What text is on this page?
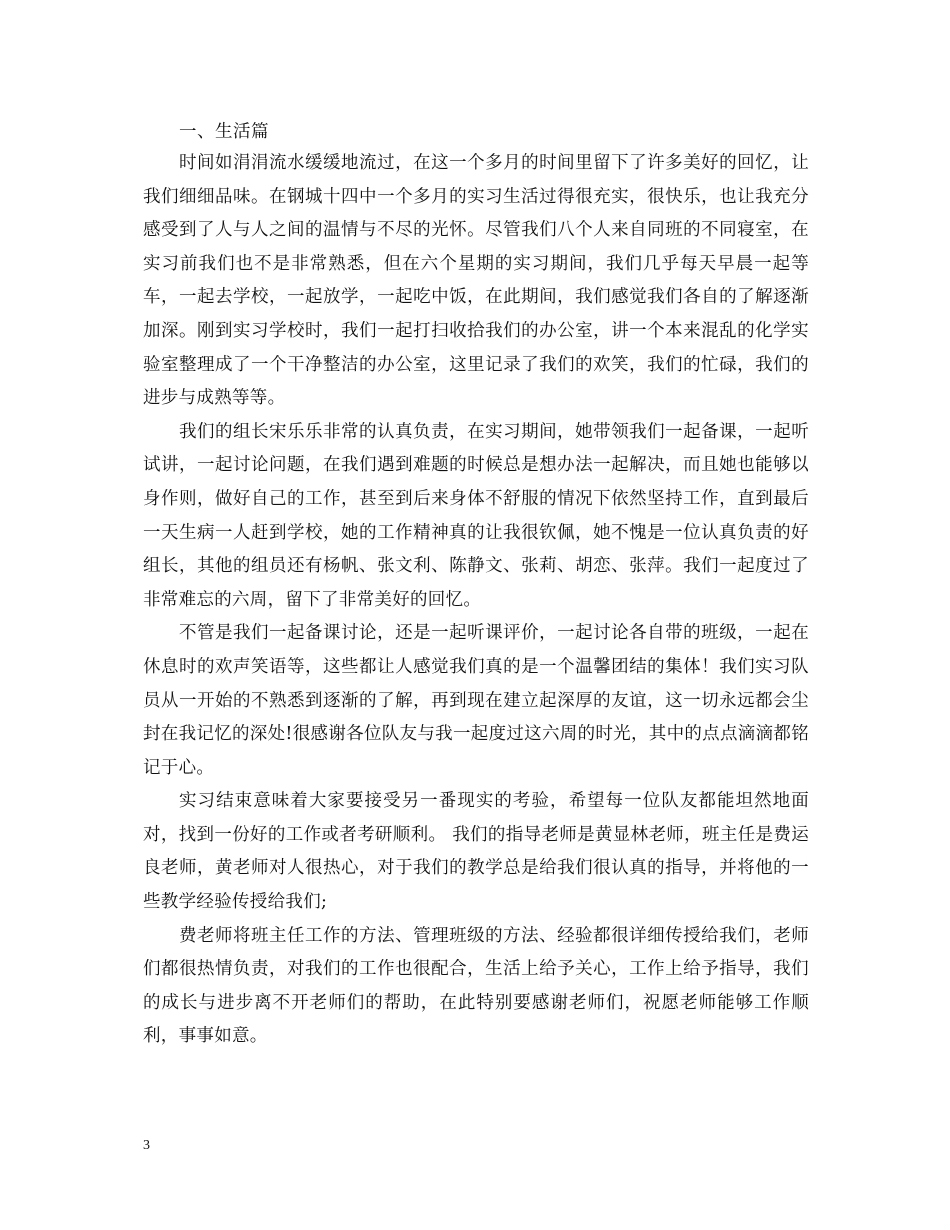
一、生活篇

时间如涓涓流水缓缓地流过，在这一个多月的时间里留下了许多美好的回忆，让我们细细品味。在钢城十四中一个多月的实习生活过得很充实，很快乐，也让我充分感受到了人与人之间的温情与不尽的光怀。尽管我们八个人来自同班的不同寝室，在实习前我们也不是非常熟悉，但在六个星期的实习期间，我们几乎每天早晨一起等车，一起去学校，一起放学，一起吃中饭，在此期间，我们感觉我们各自的了解逐渐加深。刚到实习学校时，我们一起打扫收拾我们的办公室，讲一个本来混乱的化学实验室整理成了一个干净整洁的办公室，这里记录了我们的欢笑，我们的忙碌，我们的进步与成熟等等。

我们的组长宋乐乐非常的认真负责，在实习期间，她带领我们一起备课，一起听试讲，一起讨论问题，在我们遇到难题的时候总是想办法一起解决，而且她也能够以身作则，做好自己的工作，甚至到后来身体不舒服的情况下依然坚持工作，直到最后一天生病一人赶到学校，她的工作精神真的让我很钦佩，她不愧是一位认真负责的好组长，其他的组员还有杨帆、张文利、陈静文、张莉、胡恋、张萍。我们一起度过了非常难忘的六周，留下了非常美好的回忆。

不管是我们一起备课讨论，还是一起听课评价，一起讨论各自带的班级，一起在休息时的欢声笑语等，这些都让人感觉我们真的是一个温馨团结的集体！我们实习队员从一开始的不熟悉到逐渐的了解，再到现在建立起深厚的友谊，这一切永远都会尘封在我记忆的深处!很感谢各位队友与我一起度过这六周的时光，其中的点点滴滴都铭记于心。

实习结束意味着大家要接受另一番现实的考验，希望每一位队友都能坦然地面对，找到一份好的工作或者考研顺利。 我们的指导老师是黄显林老师，班主任是费运良老师，黄老师对人很热心，对于我们的教学总是给我们很认真的指导，并将他的一些教学经验传授给我们;

费老师将班主任工作的方法、管理班级的方法、经验都很详细传授给我们，老师们都很热情负责，对我们的工作也很配合，生活上给予关心，工作上给予指导，我们的成长与进步离不开老师们的帮助，在此特别要感谢老师们，祝愿老师能够工作顺利，事事如意。

3
